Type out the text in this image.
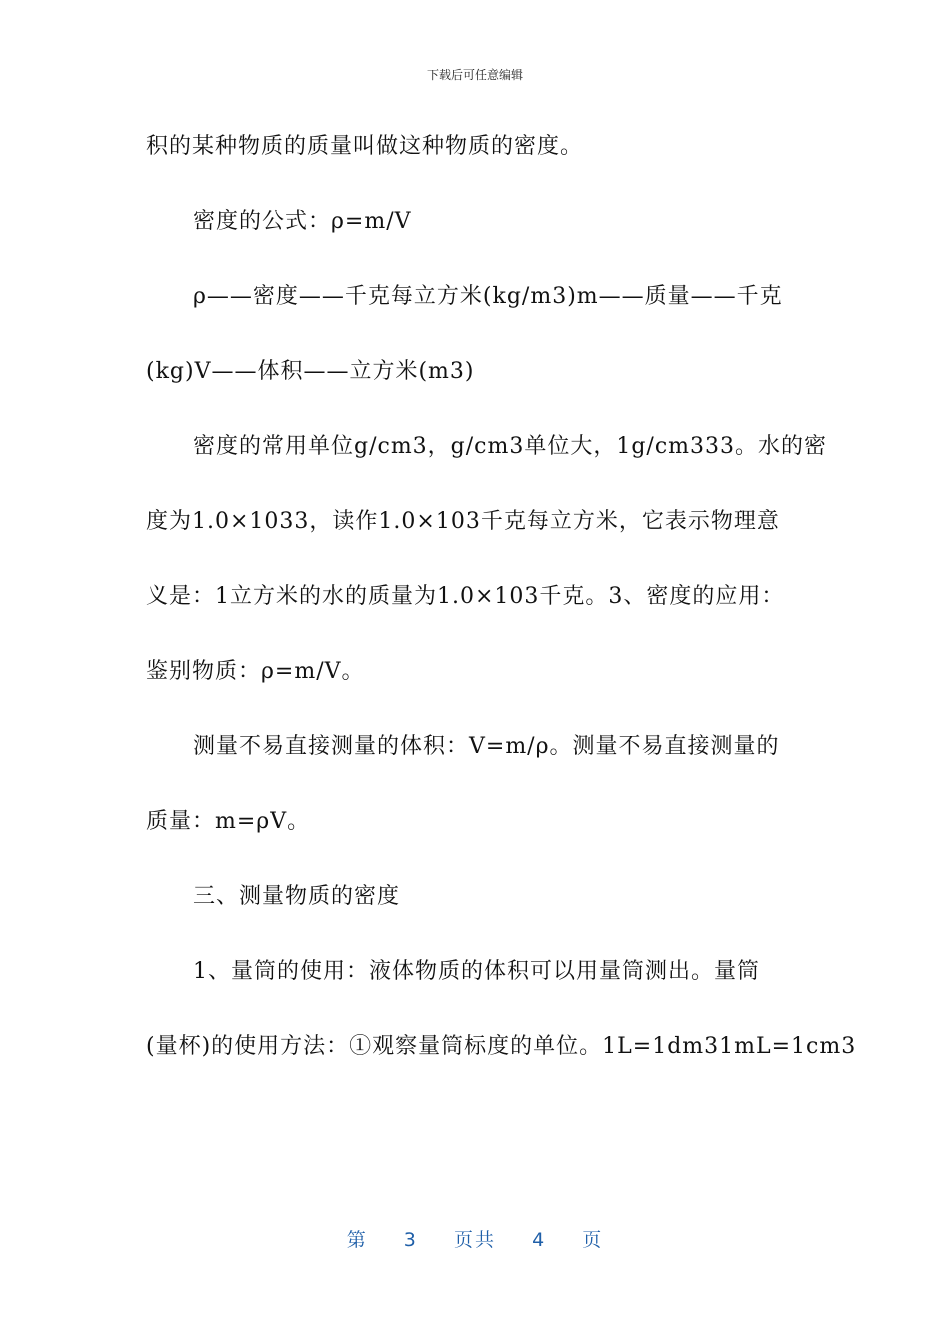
下载后可任意编辑
积的某种物质的质量叫做这种物质的密度。
密度的公式：ρ=m/V
ρ——密度——千克每立方米(kg/m3)m——质量——千克
(kg)V——体积——立方米(m3)
密度的常用单位g/cm3，g/cm3单位大，1g/cm333。水的密
度为1.0×1033，读作1.0×103千克每立方米，它表示物理意
义是：1立方米的水的质量为1.0×103千克。3、密度的应用：
鉴别物质：ρ=m/V。
测量不易直接测量的体积：V=m/ρ。测量不易直接测量的
质量：m=ρV。
三、测量物质的密度
1、量筒的使用：液体物质的体积可以用量筒测出。量筒
(量杯)的使用方法：①观察量筒标度的单位。1L=1dm31mL=1cm3
第 3 页共 4 页
